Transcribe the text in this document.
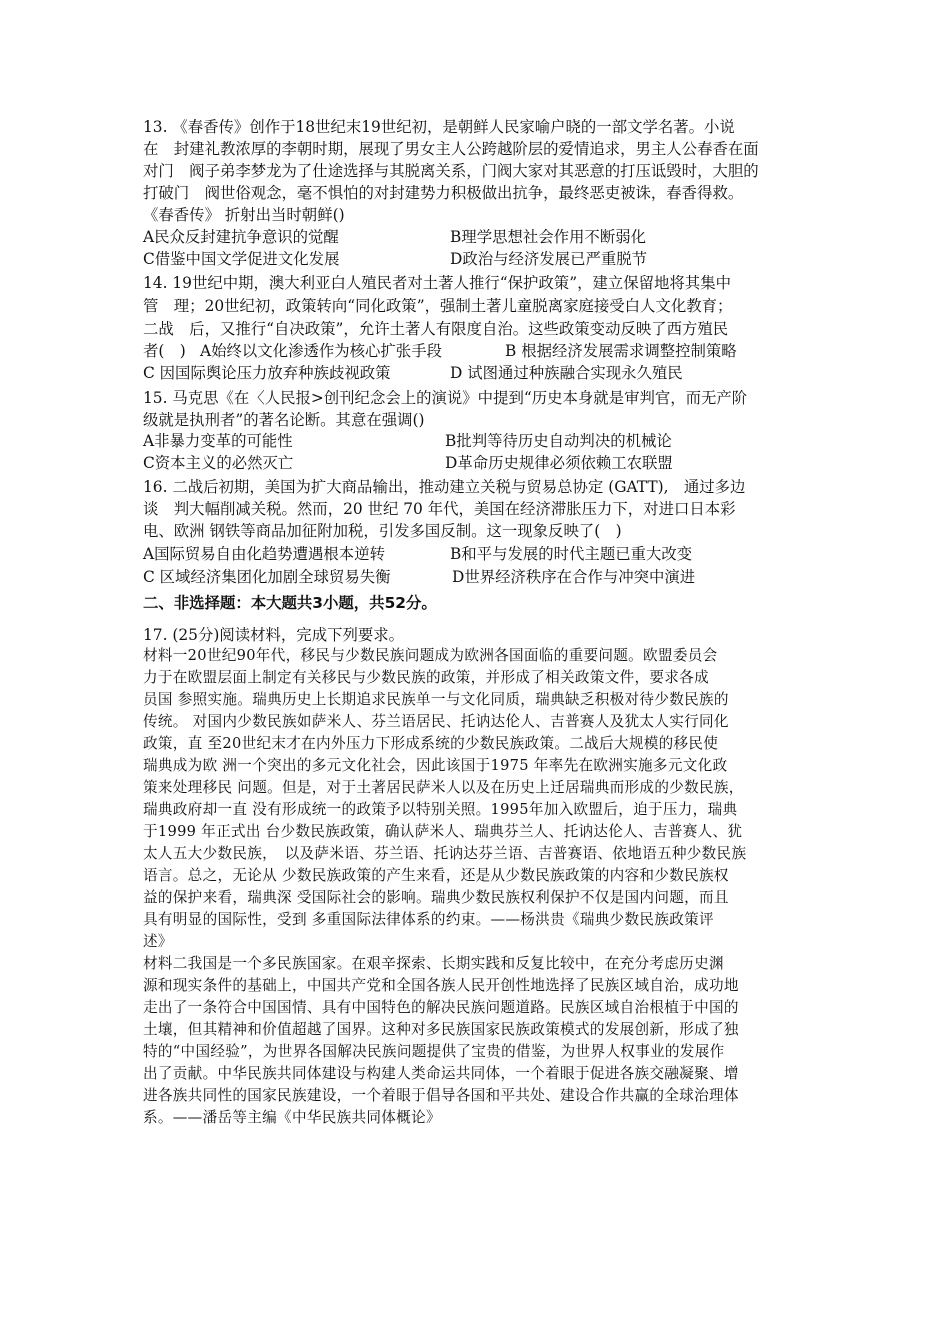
13. 《春香传》创作于18世纪末19世纪初，是朝鲜人民家喻户晓的一部文学名著。小说
在　封建礼教浓厚的李朝时期，展现了男女主人公跨越阶层的爱情追求，男主人公春香在面
对门　阀子弟李梦龙为了仕途选择与其脱离关系，门阀大家对其恶意的打压诋毁时，大胆的
打破门　阀世俗观念，毫不惧怕的对封建势力积极做出抗争，最终恶吏被诛，春香得救。
《春香传》 折射出当时朝鲜()
A民众反封建抗争意识的觉醒	B理学思想社会作用不断弱化
C借鉴中国文学促进文化发展	D政治与经济发展已严重脱节
14. 19世纪中期，澳大利亚白人殖民者对土著人推行“保护政策”，建立保留地将其集中
管　理；20世纪初，政策转向“同化政策”，强制土著儿童脱离家庭接受白人文化教育；
二战　后，又推行“自决政策”，允许土著人有限度自治。这些政策变动反映了西方殖民
者(　) A始终以文化渗透作为核心扩张手段	B 根据经济发展需求调整控制策略
C 因国际舆论压力放弃种族歧视政策	D 试图通过种族融合实现永久殖民
15. 马克思《在〈人民报>创刊纪念会上的演说》中提到“历史本身就是审判官，而无产阶
级就是执刑者”的著名论断。其意在强调()
A非暴力变革的可能性	B批判等待历史自动判决的机械论
C资本主义的必然灭亡	D革命历史规律必须依赖工农联盟
16. 二战后初期，美国为扩大商品输出，推动建立关税与贸易总协定 (GATT),　通过多边
谈　判大幅削减关税。然而，20 世纪 70 年代，美国在经济滞胀压力下，对进口日本彩
电、欧洲 钢铁等商品加征附加税，引发多国反制。这一现象反映了(　)
A国际贸易自由化趋势遭遇根本逆转	B和平与发展的时代主题已重大改变
C 区域经济集团化加剧全球贸易失衡	D世界经济秩序在合作与冲突中演进
二、非选择题：本大题共3小题，共52分。
17. (25分)阅读材料，完成下列要求。
材料一20世纪90年代，移民与少数民族问题成为欧洲各国面临的重要问题。欧盟委员会
力于在欧盟层面上制定有关移民与少数民族的政策，并形成了相关政策文件，要求各成
员国 参照实施。瑞典历史上长期追求民族单一与文化同质，瑞典缺乏积极对待少数民族的
传统。 对国内少数民族如萨米人、芬兰语居民、托讷达伦人、吉普赛人及犹太人实行同化
政策，直 至20世纪末才在内外压力下形成系统的少数民族政策。二战后大规模的移民使
瑞典成为欧 洲一个突出的多元文化社会，因此该国于1975 年率先在欧洲实施多元文化政
策来处理移民 问题。但是，对于土著居民萨米人以及在历史上迁居瑞典而形成的少数民族，
瑞典政府却一直 没有形成统一的政策予以特别关照。1995年加入欧盟后，迫于压力，瑞典
于1999 年正式出 台少数民族政策，确认萨米人、瑞典芬兰人、托讷达伦人、吉普赛人、犹
太人五大少数民族，　以及萨米语、芬兰语、托讷达芬兰语、吉普赛语、依地语五种少数民族
语言。总之，无论从 少数民族政策的产生来看，还是从少数民族政策的内容和少数民族权
益的保护来看，瑞典深 受国际社会的影响。瑞典少数民族权利保护不仅是国内问题，而且
具有明显的国际性，受到 多重国际法律体系的约束。——杨洪贵《瑞典少数民族政策评
述》
材料二我国是一个多民族国家。在艰辛探索、长期实践和反复比较中，在充分考虑历史渊
源和现实条件的基础上，中国共产党和全国各族人民开创性地选择了民族区域自治，成功地
走出了一条符合中国国情、具有中国特色的解决民族问题道路。民族区域自治根植于中国的
土壤，但其精神和价值超越了国界。这种对多民族国家民族政策模式的发展创新，形成了独
特的“中国经验”，为世界各国解决民族问题提供了宝贵的借鉴，为世界人权事业的发展作
出了贡献。中华民族共同体建设与构建人类命运共同体，一个着眼于促进各族交融凝聚、增
进各族共同性的国家民族建设，一个着眼于倡导各国和平共处、建设合作共赢的全球治理体
系。——潘岳等主编《中华民族共同体概论》
